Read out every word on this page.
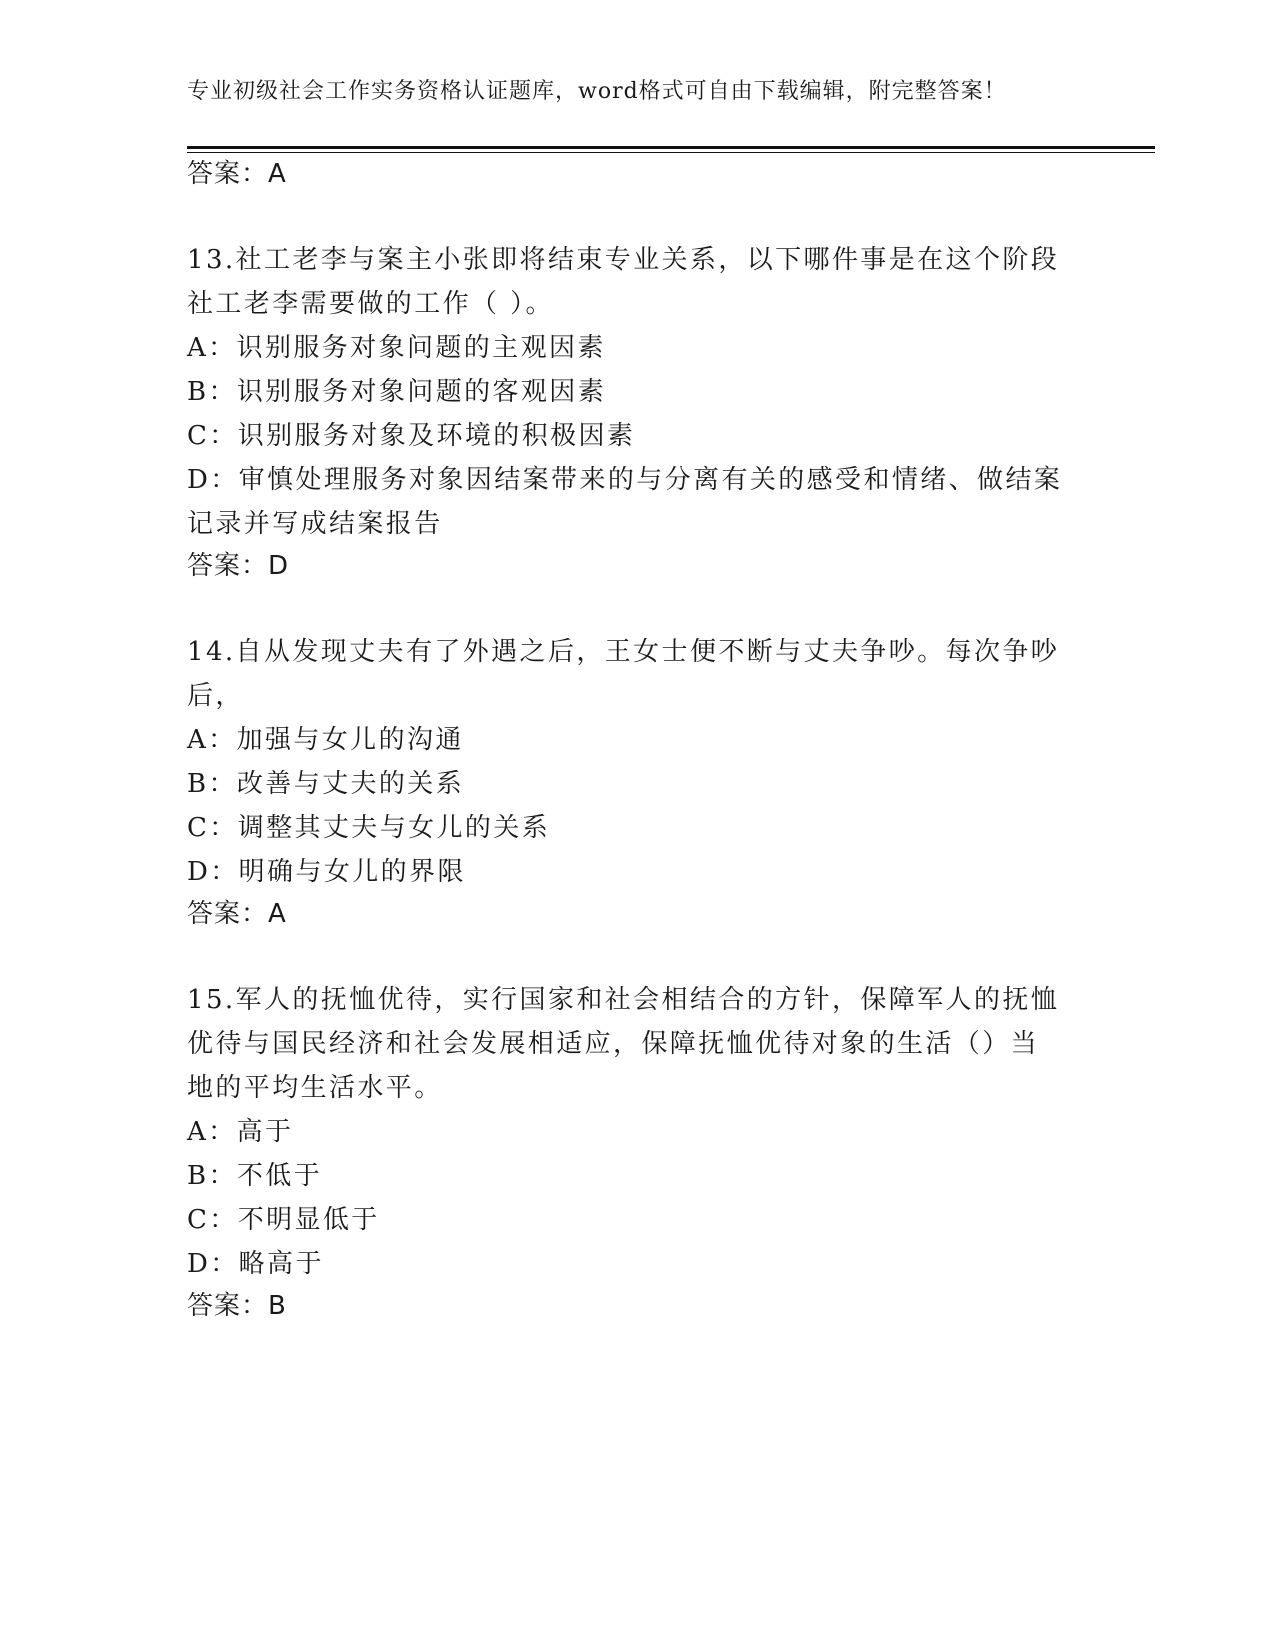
专业初级社会工作实务资格认证题库，word格式可自由下载编辑，附完整答案！
答案：A
13.社工老李与案主小张即将结束专业关系，以下哪件事是在这个阶段
社工老李需要做的工作（ ）。
A：识别服务对象问题的主观因素
B：识别服务对象问题的客观因素
C：识别服务对象及环境的积极因素
D：审慎处理服务对象因结案带来的与分离有关的感受和情绪、做结案
记录并写成结案报告
答案：D
14.自从发现丈夫有了外遇之后，王女士便不断与丈夫争吵。每次争吵
后，
A：加强与女儿的沟通
B：改善与丈夫的关系
C：调整其丈夫与女儿的关系
D：明确与女儿的界限
答案：A
15.军人的抚恤优待，实行国家和社会相结合的方针，保障军人的抚恤
优待与国民经济和社会发展相适应，保障抚恤优待对象的生活（）当
地的平均生活水平。
A：高于
B：不低于
C：不明显低于
D：略高于
答案：B
